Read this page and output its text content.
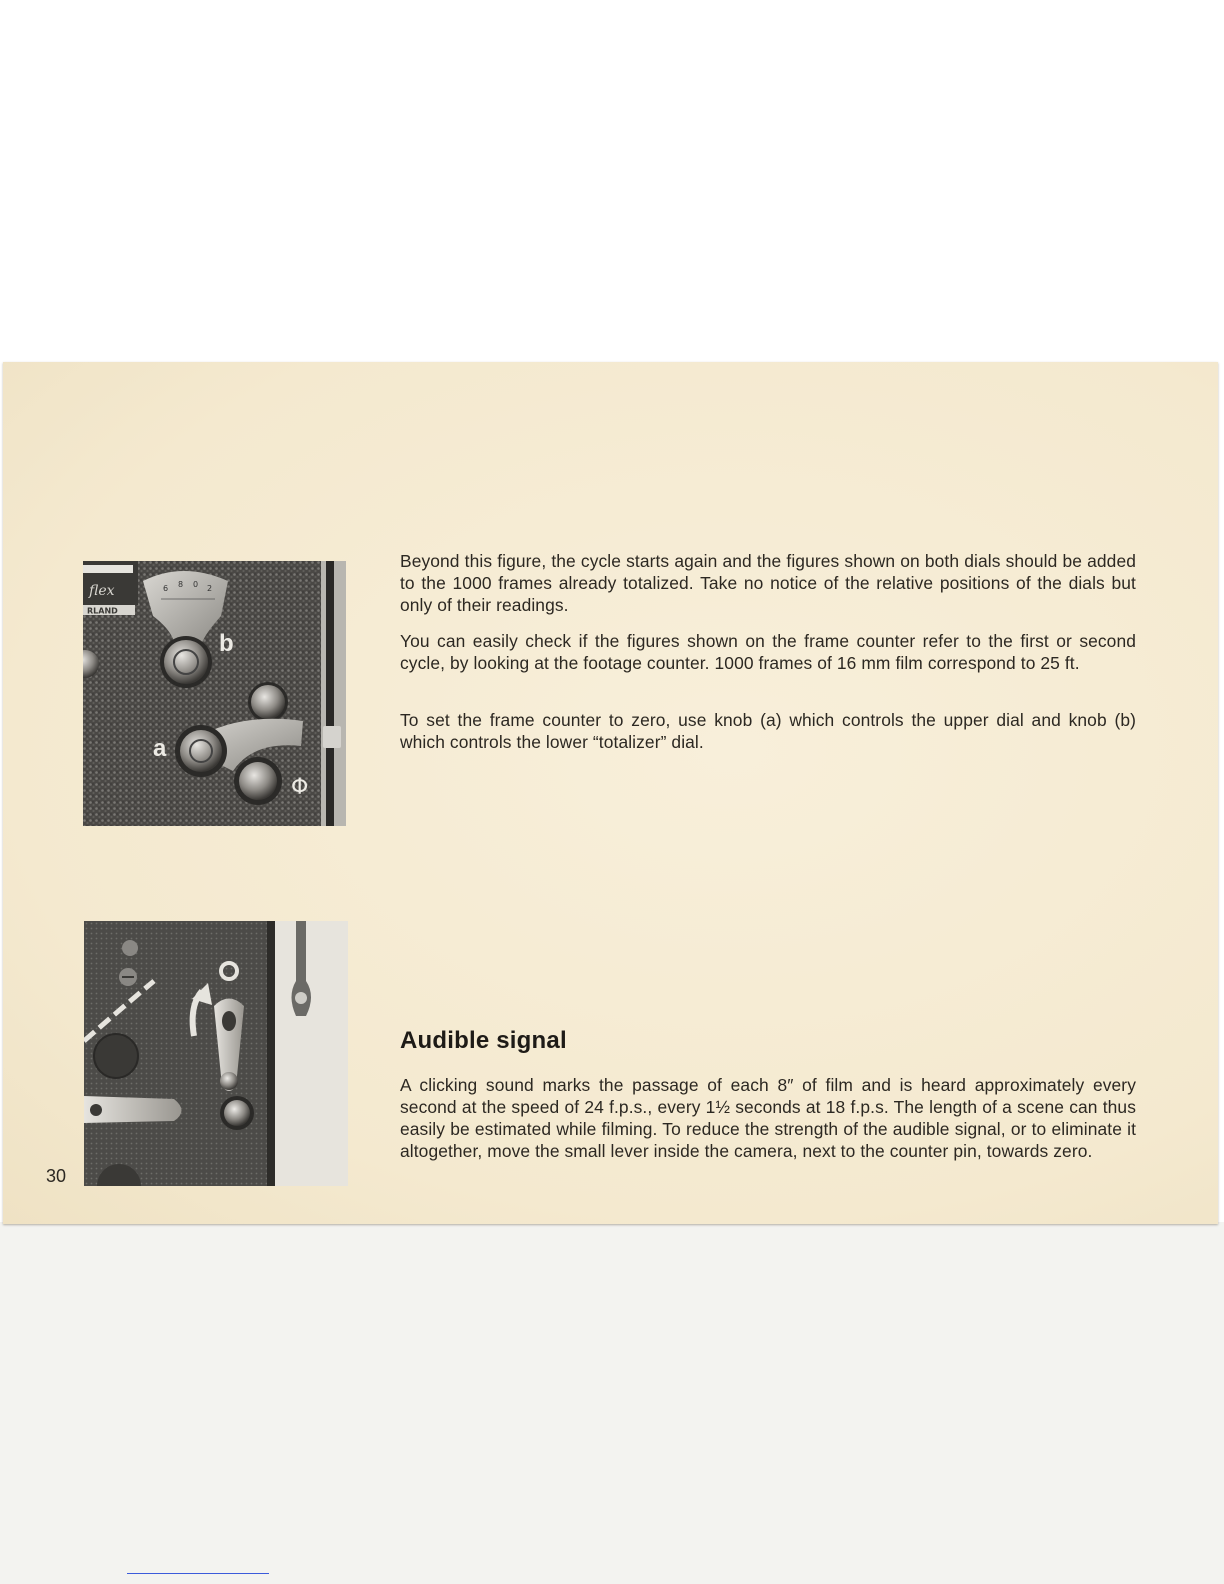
flex
RLAND
6 8 0 2
b
a
Φ

Beyond this figure, the cycle starts again and the figures shown on both dials should be added to the 1000 frames already totalized. Take no notice of the relative positions of the dials but only of their readings.

You can easily check if the figures shown on the frame counter refer to the first or second cycle, by looking at the footage counter. 1000 frames of 16 mm film correspond to 25 ft.

To set the frame counter to zero, use knob (a) which controls the upper dial and knob (b) which controls the lower “totalizer” dial.

Audible signal

A clicking sound marks the passage of each 8″ of film and is heard approximately every second at the speed of 24 f.p.s., every 1½ seconds at 18 f.p.s. The length of a scene can thus easily be estimated while filming. To reduce the strength of the audible signal, or to eliminate it altogether, move the small lever inside the camera, next to the counter pin, towards zero.

30
